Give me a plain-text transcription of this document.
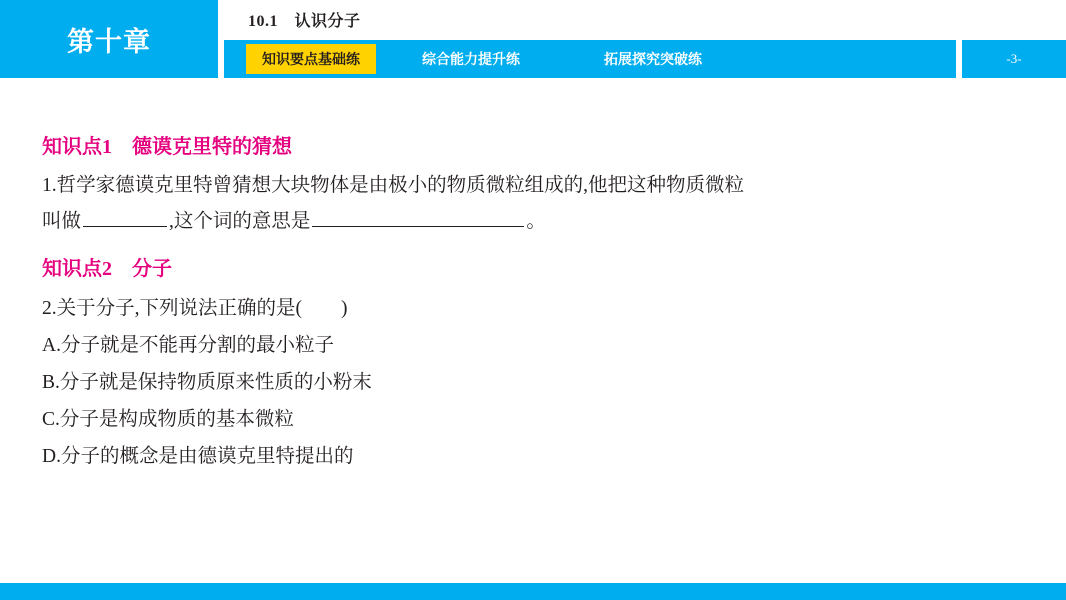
第十章
10.1　认识分子
知识要点基础练	综合能力提升练	拓展探究突破练	-3-

知识点1　德谟克里特的猜想

1.哲学家德谟克里特曾猜想大块物体是由极小的物质微粒组成的,他把这种物质微粒
叫做	,这个词的意思是	。

知识点2　分子

2.关于分子,下列说法正确的是(　　)

A.分子就是不能再分割的最小粒子

B.分子就是保持物质原来性质的小粉末

C.分子是构成物质的基本微粒

D.分子的概念是由德谟克里特提出的
